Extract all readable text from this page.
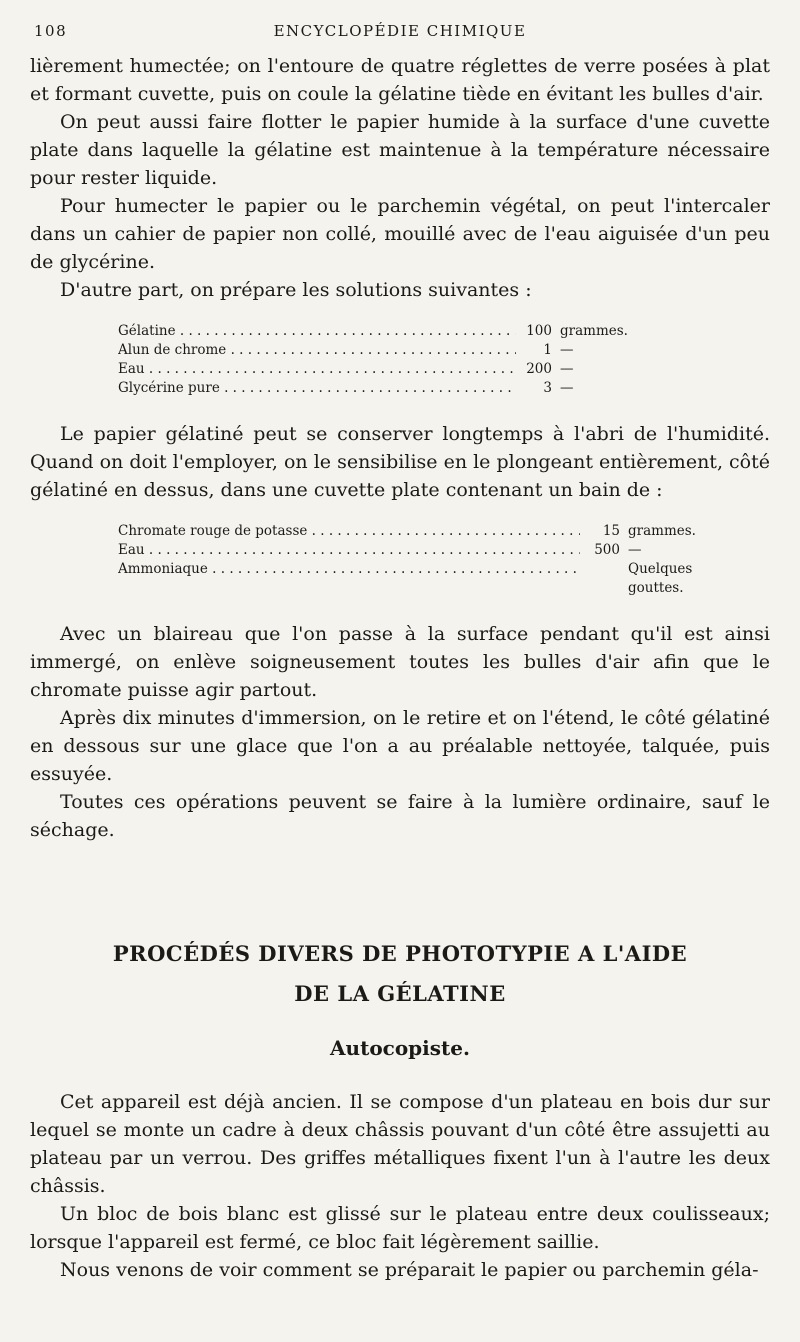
108	ENCYCLOPÉDIE CHIMIQUE

lièrement humectée; on l'entoure de quatre réglettes de verre posées à plat et formant cuvette, puis on coule la gélatine tiède en évitant les bulles d'air.

On peut aussi faire flotter le papier humide à la surface d'une cuvette plate dans laquelle la gélatine est maintenue à la température nécessaire pour rester liquide.

Pour humecter le papier ou le parchemin végétal, on peut l'intercaler dans un cahier de papier non collé, mouillé avec de l'eau aiguisée d'un peu de glycérine.

D'autre part, on prépare les solutions suivantes :

Gélatine . . .	100 grammes.
Alun de chrome . . .	1 —
Eau . . .	200 —
Glycérine pure . . .	3 —

Le papier gélatiné peut se conserver longtemps à l'abri de l'humidité. Quand on doit l'employer, on le sensibilise en le plongeant entièrement, côté gélatiné en dessus, dans une cuvette plate contenant un bain de :

Chromate rouge de potasse . . .	15 grammes.
Eau . . .	500 —
Ammoniaque . . .	Quelques gouttes.

Avec un blaireau que l'on passe à la surface pendant qu'il est ainsi immergé, on enlève soigneusement toutes les bulles d'air afin que le chromate puisse agir partout.

Après dix minutes d'immersion, on le retire et on l'étend, le côté gélatiné en dessous sur une glace que l'on a au préalable nettoyée, talquée, puis essuyée.

Toutes ces opérations peuvent se faire à la lumière ordinaire, sauf le séchage.

PROCÉDÉS DIVERS DE PHOTOTYPIE A L'AIDE
DE LA GÉLATINE
Autocopiste.

Cet appareil est déjà ancien. Il se compose d'un plateau en bois dur sur lequel se monte un cadre à deux châssis pouvant d'un côté être assujetti au plateau par un verrou. Des griffes métalliques fixent l'un à l'autre les deux châssis.

Un bloc de bois blanc est glissé sur le plateau entre deux coulisseaux; lorsque l'appareil est fermé, ce bloc fait légèrement saillie.

Nous venons de voir comment se préparait le papier ou parchemin géla-
